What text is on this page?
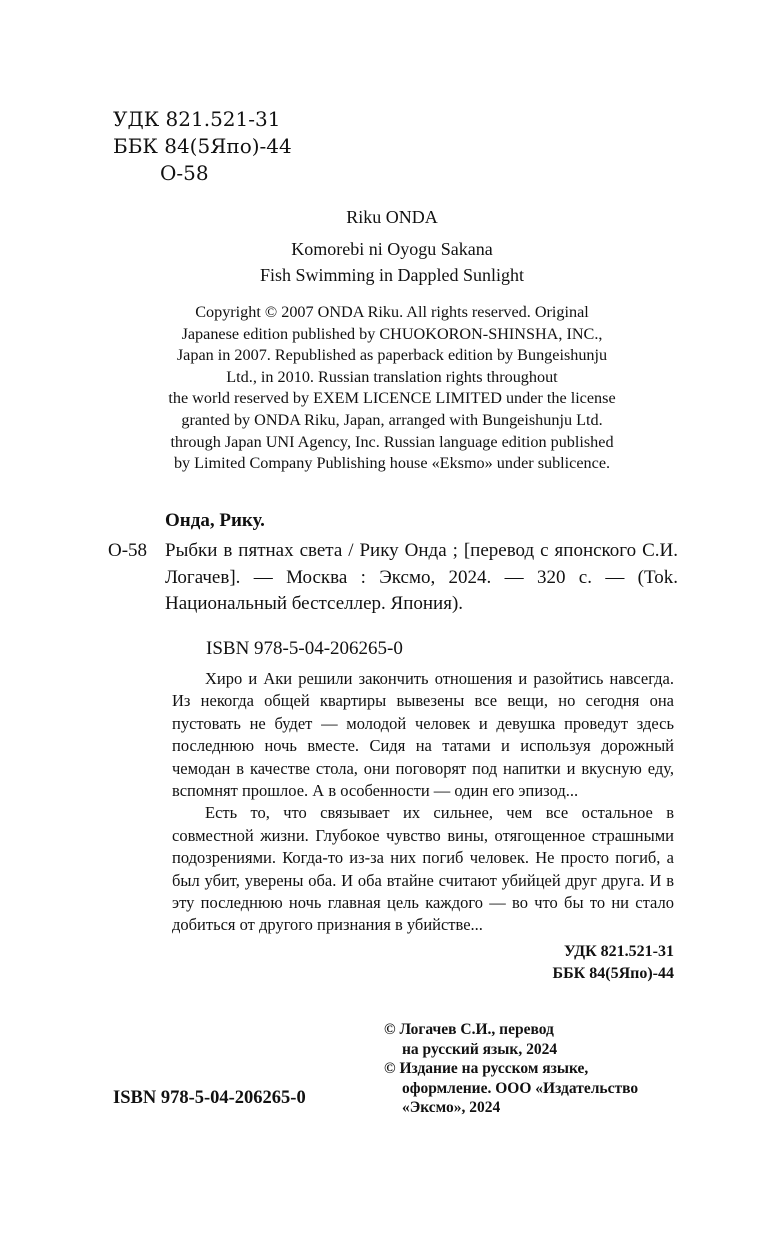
УДК 821.521-31
ББК 84(5Япо)-44
О-58
Riku ONDA
Komorebi ni Oyogu Sakana
Fish Swimming in Dappled Sunlight
Copyright © 2007 ONDA Riku. All rights reserved. Original
Japanese edition published by CHUOKORON-SHINSHA, INC.,
Japan in 2007. Republished as paperback edition by Bungeishunju
Ltd., in 2010. Russian translation rights throughout
the world reserved by EXEM LICENCE LIMITED under the license
granted by ONDA Riku, Japan, arranged with Bungeishunju Ltd.
through Japan UNI Agency, Inc. Russian language edition published
by Limited Company Publishing house «Eksmo» under sublicence.
Онда, Рику.
О-58 Рыбки в пятнах света / Рику Онда ; [перевод с японского С.И. Логачев]. — Москва : Эксмо, 2024. — 320 с. — (Tok. Национальный бестселлер. Япония).
ISBN 978-5-04-206265-0

Хиро и Аки решили закончить отношения и разойтись навсегда. Из некогда общей квартиры вывезены все вещи, но сегодня она пустовать не будет — молодой человек и девушка проведут здесь последнюю ночь вместе. Сидя на татами и используя дорожный чемодан в качестве стола, они поговорят под напитки и вкусную еду, вспомнят прошлое. А в особенности — один его эпизод...

Есть то, что связывает их сильнее, чем все остальное в совместной жизни. Глубокое чувство вины, отягощенное страшными подозрениями. Когда-то из-за них погиб человек. Не просто погиб, а был убит, уверены оба. И оба втайне считают убийцей друг друга. И в эту последнюю ночь главная цель каждого — во что бы то ни стало добиться от другого признания в убийстве...

УДК 821.521-31
ББК 84(5Япо)-44
© Логачев С.И., перевод
на русский язык, 2024
© Издание на русском языке,
оформление. ООО «Издательство
«Эксмо», 2024
ISBN 978-5-04-206265-0
